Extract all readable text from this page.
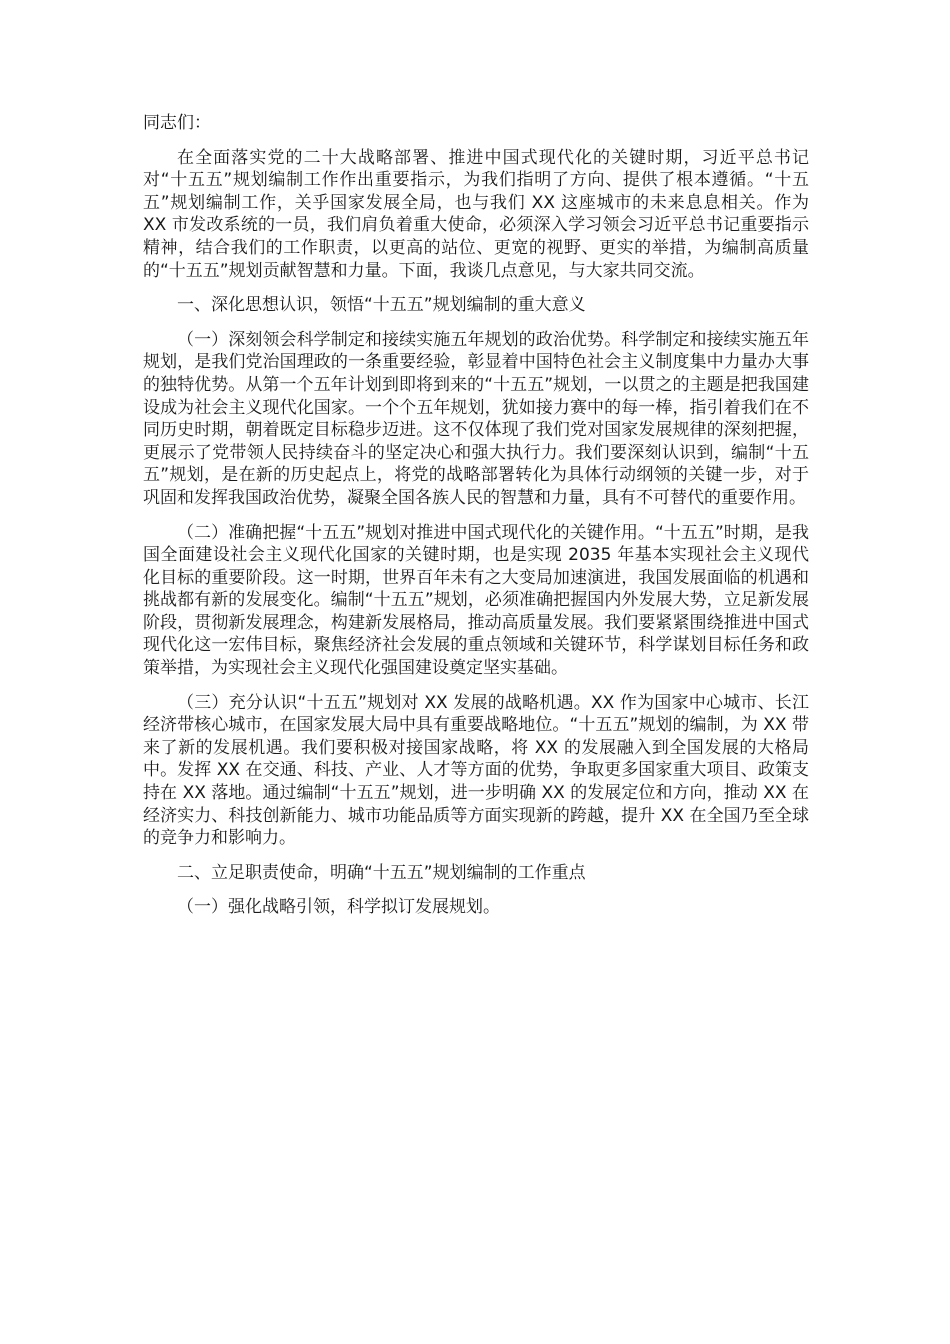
同志们：

在全面落实党的二十大战略部署、推进中国式现代化的关键时期，习近平总书记对“十五五”规划编制工作作出重要指示，为我们指明了方向、提供了根本遵循。“十五五”规划编制工作，关乎国家发展全局，也与我们 XX 这座城市的未来息息相关。作为 XX 市发改系统的一员，我们肩负着重大使命，必须深入学习领会习近平总书记重要指示精神，结合我们的工作职责，以更高的站位、更宽的视野、更实的举措，为编制高质量的“十五五”规划贡献智慧和力量。下面，我谈几点意见，与大家共同交流。

一、深化思想认识，领悟“十五五”规划编制的重大意义

（一）深刻领会科学制定和接续实施五年规划的政治优势。科学制定和接续实施五年规划，是我们党治国理政的一条重要经验，彰显着中国特色社会主义制度集中力量办大事的独特优势。从第一个五年计划到即将到来的“十五五”规划，一以贯之的主题是把我国建设成为社会主义现代化国家。一个个五年规划，犹如接力赛中的每一棒，指引着我们在不同历史时期，朝着既定目标稳步迈进。这不仅体现了我们党对国家发展规律的深刻把握，更展示了党带领人民持续奋斗的坚定决心和强大执行力。我们要深刻认识到，编制“十五五”规划，是在新的历史起点上，将党的战略部署转化为具体行动纲领的关键一步，对于巩固和发挥我国政治优势，凝聚全国各族人民的智慧和力量，具有不可替代的重要作用。

（二）准确把握“十五五”规划对推进中国式现代化的关键作用。“十五五”时期，是我国全面建设社会主义现代化国家的关键时期，也是实现 2035 年基本实现社会主义现代化目标的重要阶段。这一时期，世界百年未有之大变局加速演进，我国发展面临的机遇和挑战都有新的发展变化。编制“十五五”规划，必须准确把握国内外发展大势，立足新发展阶段，贯彻新发展理念，构建新发展格局，推动高质量发展。我们要紧紧围绕推进中国式现代化这一宏伟目标，聚焦经济社会发展的重点领域和关键环节，科学谋划目标任务和政策举措，为实现社会主义现代化强国建设奠定坚实基础。

（三）充分认识“十五五”规划对 XX 发展的战略机遇。XX 作为国家中心城市、长江经济带核心城市，在国家发展大局中具有重要战略地位。“十五五”规划的编制，为 XX 带来了新的发展机遇。我们要积极对接国家战略，将 XX 的发展融入到全国发展的大格局中。发挥 XX 在交通、科技、产业、人才等方面的优势，争取更多国家重大项目、政策支持在 XX 落地。通过编制“十五五”规划，进一步明确 XX 的发展定位和方向，推动 XX 在经济实力、科技创新能力、城市功能品质等方面实现新的跨越，提升 XX 在全国乃至全球的竞争力和影响力。

二、立足职责使命，明确“十五五”规划编制的工作重点

（一）强化战略引领，科学拟订发展规划。
